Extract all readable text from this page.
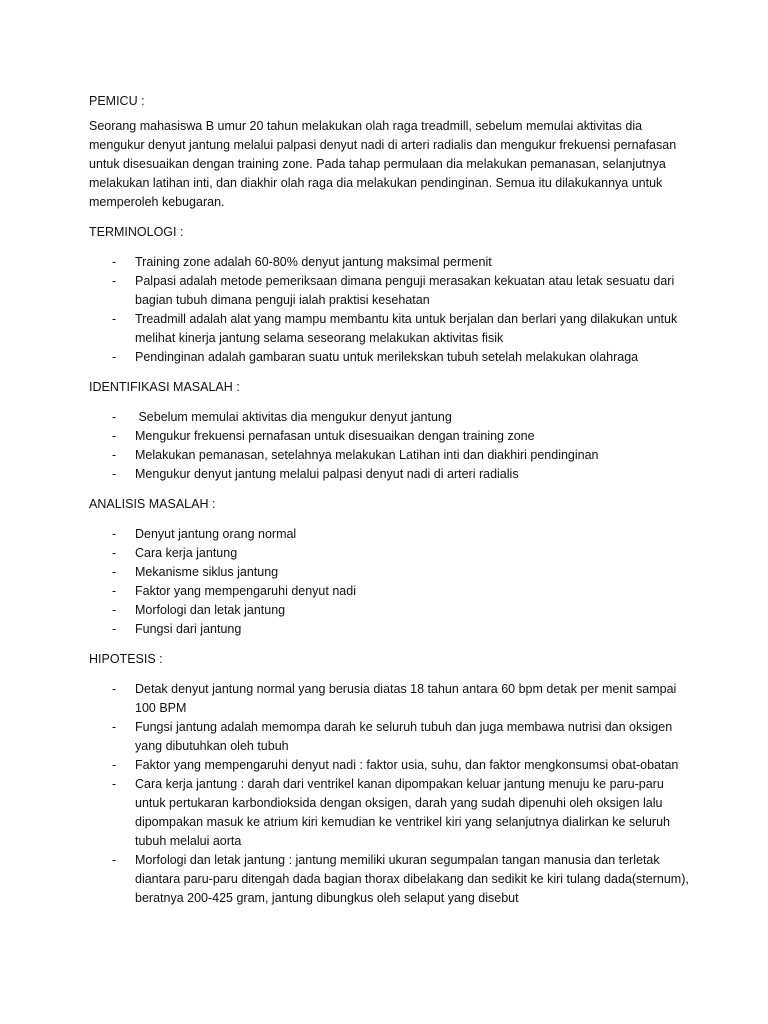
PEMICU :

Seorang mahasiswa B umur 20 tahun melakukan olah raga treadmill, sebelum memulai aktivitas dia mengukur denyut jantung melalui palpasi denyut nadi di arteri radialis dan mengukur frekuensi pernafasan untuk disesuaikan dengan training zone. Pada tahap permulaan dia melakukan pemanasan, selanjutnya melakukan latihan inti, dan diakhir olah raga dia melakukan pendinginan. Semua itu dilakukannya untuk memperoleh kebugaran.

TERMINOLOGI :

- Training zone adalah 60-80% denyut jantung maksimal permenit
- Palpasi adalah metode pemeriksaan dimana penguji merasakan kekuatan atau letak sesuatu dari bagian tubuh dimana penguji ialah praktisi kesehatan
- Treadmill adalah alat yang mampu membantu kita untuk berjalan dan berlari yang dilakukan untuk melihat kinerja jantung selama seseorang melakukan aktivitas fisik
- Pendinginan adalah gambaran suatu untuk merilekskan tubuh setelah melakukan olahraga

IDENTIFIKASI MASALAH :

- Sebelum memulai aktivitas dia mengukur denyut jantung
- Mengukur frekuensi pernafasan untuk disesuaikan dengan training zone
- Melakukan pemanasan, setelahnya melakukan Latihan inti dan diakhiri pendinginan
- Mengukur denyut jantung melalui palpasi denyut nadi di arteri radialis

ANALISIS MASALAH :

- Denyut jantung orang normal
- Cara kerja jantung
- Mekanisme siklus jantung
- Faktor yang mempengaruhi denyut nadi
- Morfologi dan letak jantung
- Fungsi dari jantung

HIPOTESIS :

- Detak denyut jantung normal yang berusia diatas 18 tahun antara 60 bpm detak per menit sampai 100 BPM
- Fungsi jantung adalah memompa darah ke seluruh tubuh dan juga membawa nutrisi dan oksigen yang dibutuhkan oleh tubuh
- Faktor yang mempengaruhi denyut nadi : faktor usia, suhu, dan faktor mengkonsumsi obat-obatan
- Cara kerja jantung : darah dari ventrikel kanan dipompakan keluar jantung menuju ke paru-paru untuk pertukaran karbondioksida dengan oksigen, darah yang sudah dipenuhi oleh oksigen lalu dipompakan masuk ke atrium kiri kemudian ke ventrikel kiri yang selanjutnya dialirkan ke seluruh tubuh melalui aorta
- Morfologi dan letak jantung : jantung memiliki ukuran segumpalan tangan manusia dan terletak diantara paru-paru ditengah dada bagian thorax dibelakang dan sedikit ke kiri tulang dada(sternum), beratnya 200-425 gram, jantung dibungkus oleh selaput yang disebut
